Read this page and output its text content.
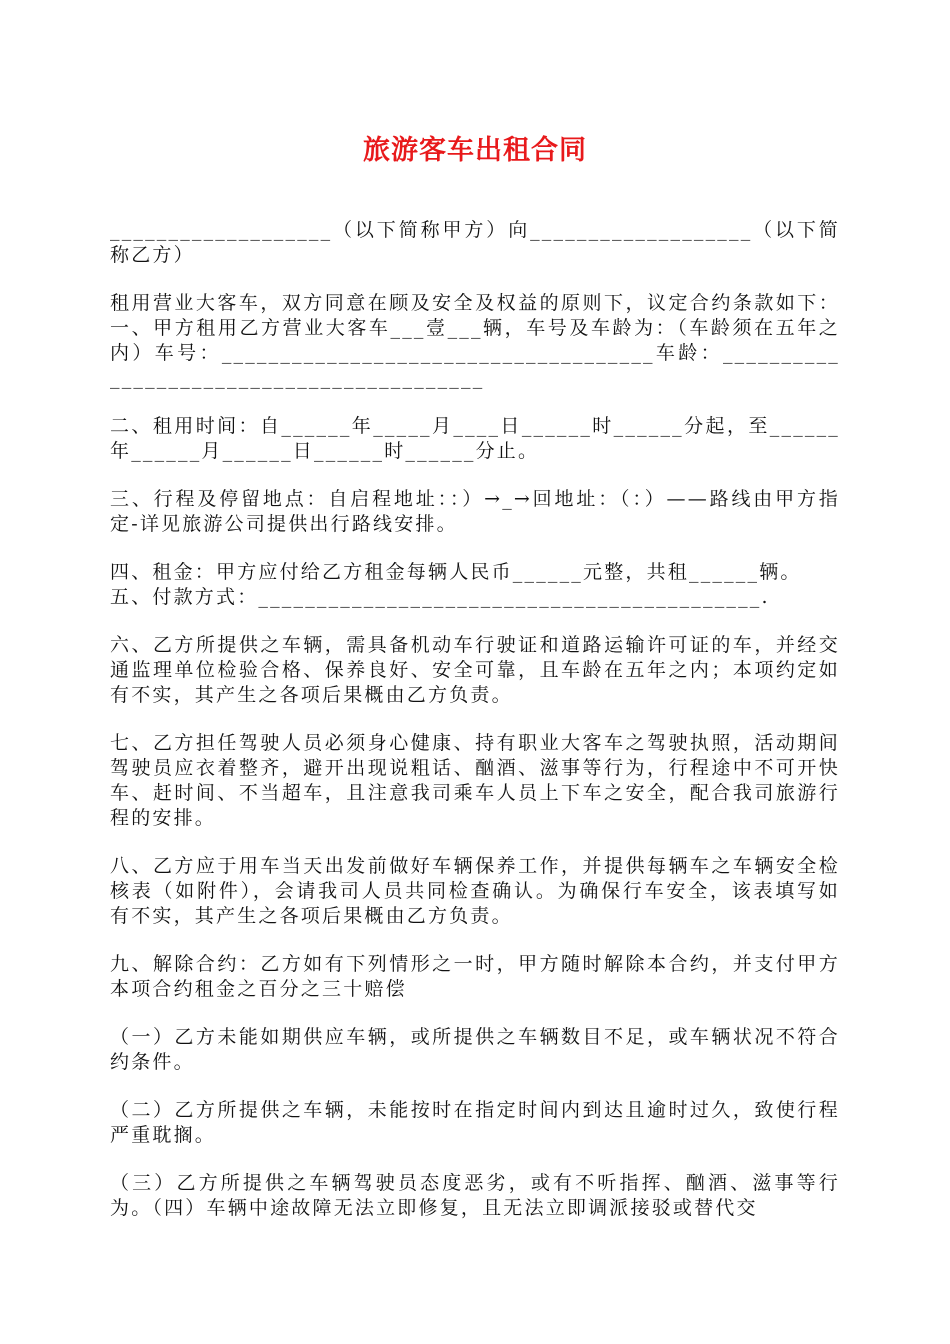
旅游客车出租合同

___________________（以下简称甲方）向___________________（以下简称乙方）

租用营业大客车，双方同意在顾及安全及权益的原则下，议定合约条款如下：一、甲方租用乙方营业大客车___壹___辆，车号及车龄为：（车龄须在五年之内）车号：_____________________________________车龄：__________________________________________

二、租用时间：自______年_____月____日______时______分起，至______年______月______日______时______分止。

三、行程及停留地点：自启程地址：：）→_→回地址：（：）——路线由甲方指定-详见旅游公司提供出行路线安排。

四、租金：甲方应付给乙方租金每辆人民币______元整，共租______辆。

五、付款方式：___________________________________________.

六、乙方所提供之车辆，需具备机动车行驶证和道路运输许可证的车，并经交通监理单位检验合格、保养良好、安全可靠，且车龄在五年之内；本项约定如有不实，其产生之各项后果概由乙方负责。

七、乙方担任驾驶人员必须身心健康、持有职业大客车之驾驶执照，活动期间驾驶员应衣着整齐，避开出现说粗话、酗酒、滋事等行为，行程途中不可开快车、赶时间、不当超车，且注意我司乘车人员上下车之安全，配合我司旅游行程的安排。

八、乙方应于用车当天出发前做好车辆保养工作，并提供每辆车之车辆安全检核表（如附件），会请我司人员共同检查确认。为确保行车安全，该表填写如有不实，其产生之各项后果概由乙方负责。

九、解除合约：乙方如有下列情形之一时，甲方随时解除本合约，并支付甲方本项合约租金之百分之三十赔偿

（一）乙方未能如期供应车辆，或所提供之车辆数目不足，或车辆状况不符合约条件。

（二）乙方所提供之车辆，未能按时在指定时间内到达且逾时过久，致使行程严重耽搁。

（三）乙方所提供之车辆驾驶员态度恶劣，或有不听指挥、酗酒、滋事等行为。（四）车辆中途故障无法立即修复，且无法立即调派接驳或替代交
